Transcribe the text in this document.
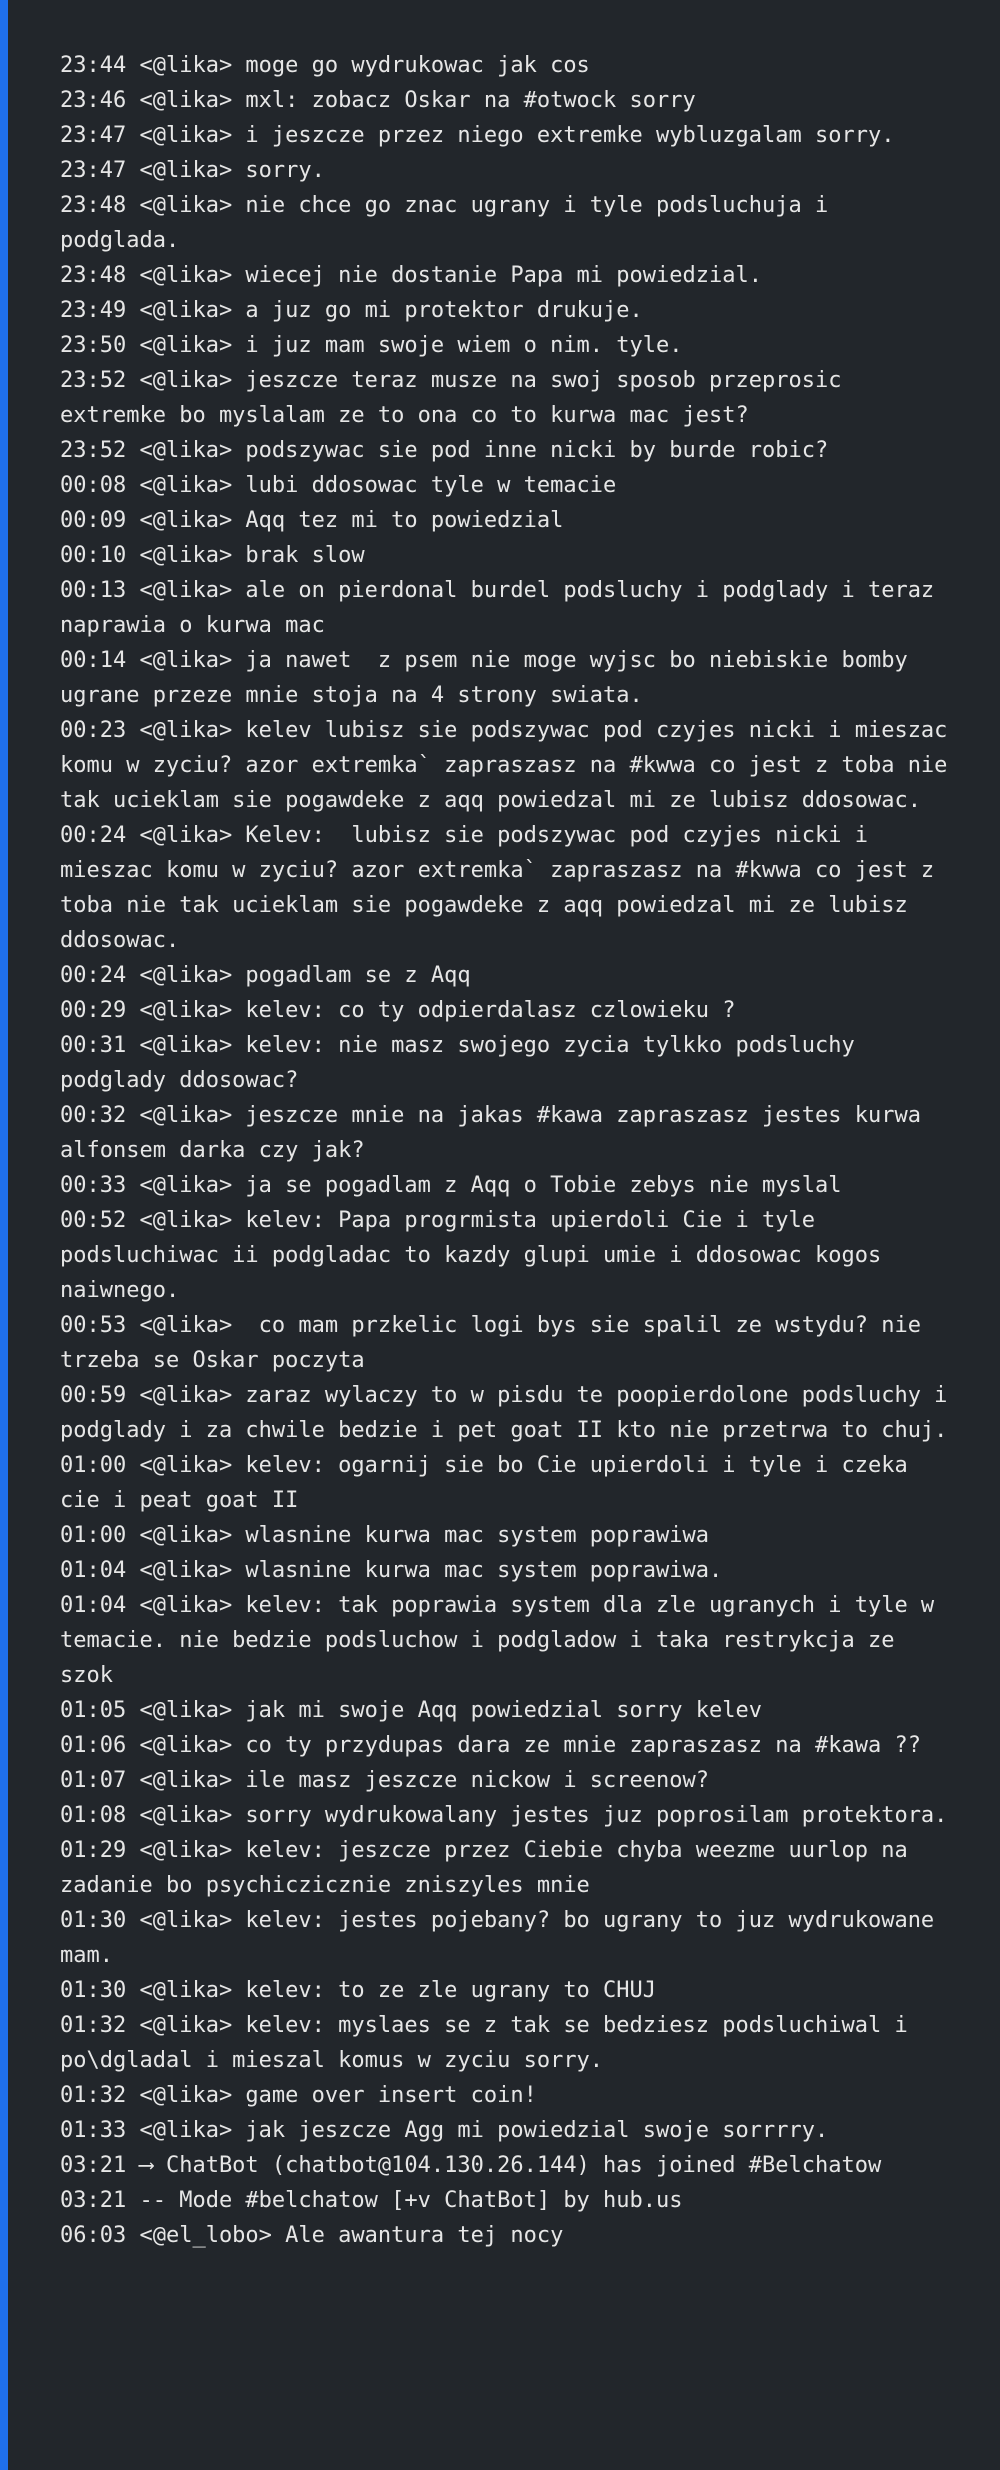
23:44 <@lika> moge go wydrukowac jak cos
23:46 <@lika> mxl: zobacz Oskar na #otwock sorry
23:47 <@lika> i jeszcze przez niego extremke wybluzgalam sorry.
23:47 <@lika> sorry.
23:48 <@lika> nie chce go znac ugrany i tyle podsluchuja i podglada.
23:48 <@lika> wiecej nie dostanie Papa mi powiedzial.
23:49 <@lika> a juz go mi protektor drukuje.
23:50 <@lika> i juz mam swoje wiem o nim. tyle.
23:52 <@lika> jeszcze teraz musze na swoj sposob przeprosic extremke bo myslalam ze to ona co to kurwa mac jest?
23:52 <@lika> podszywac sie pod inne nicki by burde robic?
00:08 <@lika> lubi ddosowac tyle w temacie
00:09 <@lika> Aqq tez mi to powiedzial
00:10 <@lika> brak slow
00:13 <@lika> ale on pierdonal burdel podsluchy i podglady i teraz naprawia o kurwa mac
00:14 <@lika> ja nawet  z psem nie moge wyjsc bo niebiskie bomby ugrane przeze mnie stoja na 4 strony swiata.
00:23 <@lika> kelev lubisz sie podszywac pod czyjes nicki i mieszac komu w zyciu? azor extremka` zapraszasz na #kwwa co jest z toba nie tak ucieklam sie pogawdeke z aqq powiedzal mi ze lubisz ddosowac.
00:24 <@lika> Kelev:  lubisz sie podszywac pod czyjes nicki i mieszac komu w zyciu? azor extremka` zapraszasz na #kwwa co jest z toba nie tak ucieklam sie pogawdeke z aqq powiedzal mi ze lubisz ddosowac.
00:24 <@lika> pogadlam se z Aqq
00:29 <@lika> kelev: co ty odpierdalasz czlowieku ?
00:31 <@lika> kelev: nie masz swojego zycia tylkko podsluchy podglady ddosowac?
00:32 <@lika> jeszcze mnie na jakas #kawa zapraszasz jestes kurwa alfonsem darka czy jak?
00:33 <@lika> ja se pogadlam z Aqq o Tobie zebys nie myslal
00:52 <@lika> kelev: Papa progrmista upierdoli Cie i tyle podsluchiwac ii podgladac to kazdy glupi umie i ddosowac kogos naiwnego.
00:53 <@lika>  co mam przkelic logi bys sie spalil ze wstydu? nie trzeba se Oskar poczyta
00:59 <@lika> zaraz wylaczy to w pisdu te poopierdolone podsluchy i podglady i za chwile bedzie i pet goat II kto nie przetrwa to chuj.
01:00 <@lika> kelev: ogarnij sie bo Cie upierdoli i tyle i czeka cie i peat goat II
01:00 <@lika> wlasnine kurwa mac system poprawiwa
01:04 <@lika> wlasnine kurwa mac system poprawiwa.
01:04 <@lika> kelev: tak poprawia system dla zle ugranych i tyle w temacie. nie bedzie podsluchow i podgladow i taka restrykcja ze szok
01:05 <@lika> jak mi swoje Aqq powiedzial sorry kelev
01:06 <@lika> co ty przydupas dara ze mnie zapraszasz na #kawa ??
01:07 <@lika> ile masz jeszcze nickow i screenow?
01:08 <@lika> sorry wydrukowalany jestes juz poprosilam protektora.
01:29 <@lika> kelev: jeszcze przez Ciebie chyba weezme uurlop na zadanie bo psychiczicznie zniszyles mnie
01:30 <@lika> kelev: jestes pojebany? bo ugrany to juz wydrukowane mam.
01:30 <@lika> kelev: to ze zle ugrany to CHUJ
01:32 <@lika> kelev: myslaes se z tak se bedziesz podsluchiwal i po\dgladal i mieszal komus w zyciu sorry.
01:32 <@lika> game over insert coin!
01:33 <@lika> jak jeszcze Agg mi powiedzial swoje sorrrry.
03:21 ⟶ ChatBot (chatbot@104.130.26.144) has joined #Belchatow
03:21 -- Mode #belchatow [+v ChatBot] by hub.us
06:03 <@el_lobo> Ale awantura tej nocy
